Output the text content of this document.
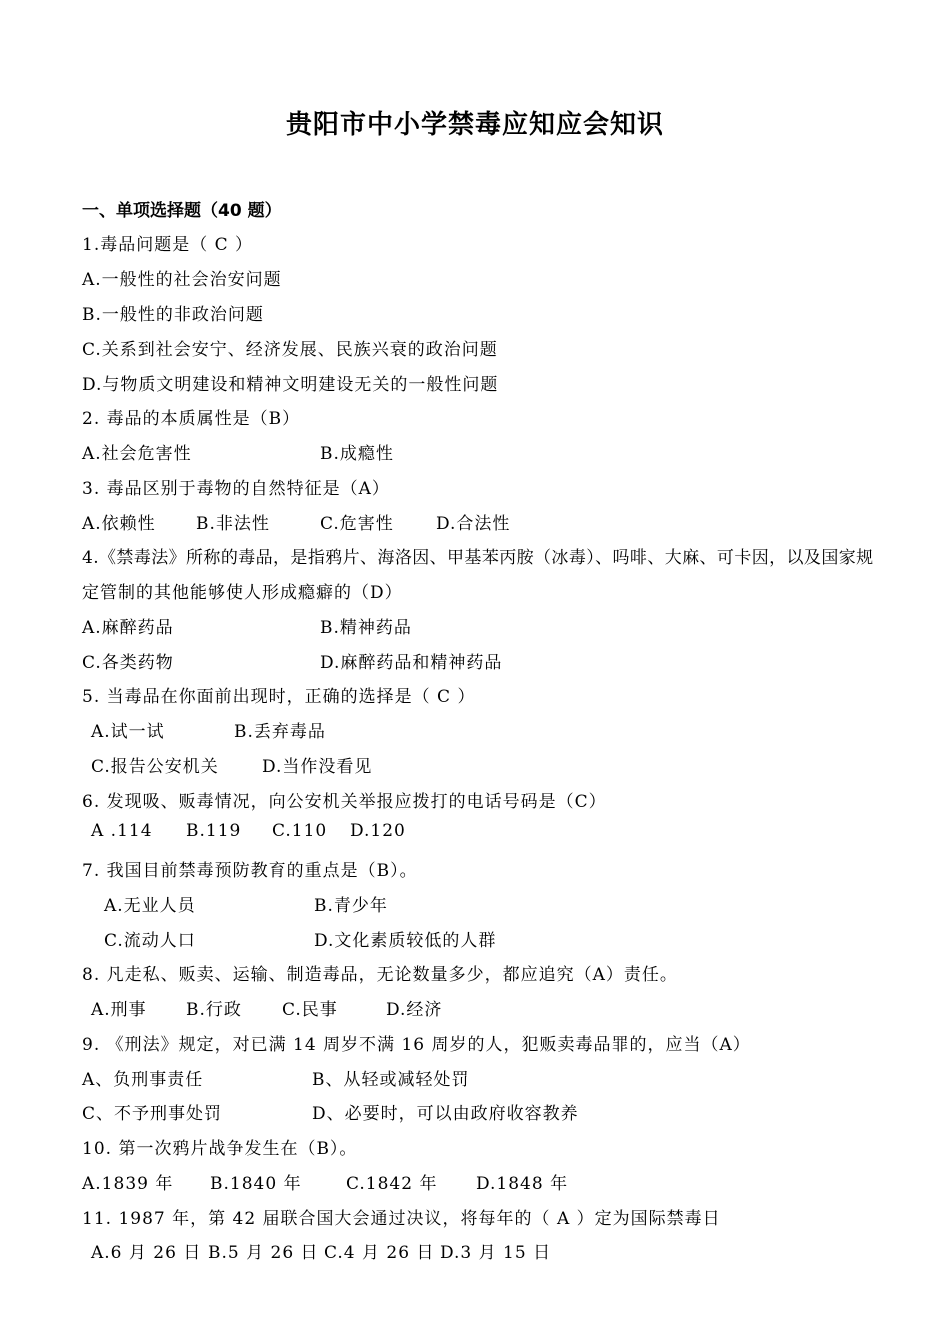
贵阳市中小学禁毒应知应会知识
一、单项选择题（40 题）
1.毒品问题是（ C ）
A.一般性的社会治安问题
B.一般性的非政治问题
C.关系到社会安宁、经济发展、民族兴衰的政治问题
D.与物质文明建设和精神文明建设无关的一般性问题
2. 毒品的本质属性是（B）
A.社会危害性	B.成瘾性
3. 毒品区别于毒物的自然特征是（A）
A.依赖性 B.非法性	C.危害性 D.合法性
4.《禁毒法》所称的毒品，是指鸦片、海洛因、甲基苯丙胺（冰毒）、吗啡、大麻、可卡因，以及国家规
定管制的其他能够使人形成瘾癖的（D）
A.麻醉药品	B.精神药品
C.各类药物	D.麻醉药品和精神药品
5. 当毒品在你面前出现时，正确的选择是（ C ）
A.试一试	B.丢弃毒品
C.报告公安机关	D.当作没看见
6. 发现吸、贩毒情况，向公安机关举报应拨打的电话号码是（C）
A .114 B.119 C.110 D.120
7. 我国目前禁毒预防教育的重点是（B）。
A.无业人员	B.青少年
C.流动人口	D.文化素质较低的人群
8. 凡走私、贩卖、运输、制造毒品，无论数量多少，都应追究（A）责任。
A.刑事 B.行政 C.民事	D.经济
9. 《刑法》规定，对已满 14 周岁不满 16 周岁的人，犯贩卖毒品罪的，应当（A）
A、负刑事责任	B、从轻或减轻处罚
C、不予刑事处罚	D、必要时，可以由政府收容教养
10. 第一次鸦片战争发生在（B）。
A.1839 年 B.1840 年	C.1842 年 D.1848 年
11. 1987 年，第 42 届联合国大会通过决议，将每年的（ A ）定为国际禁毒日
A.6 月 26 日 B.5 月 26 日 C.4 月 26 日 D.3 月 15 日
